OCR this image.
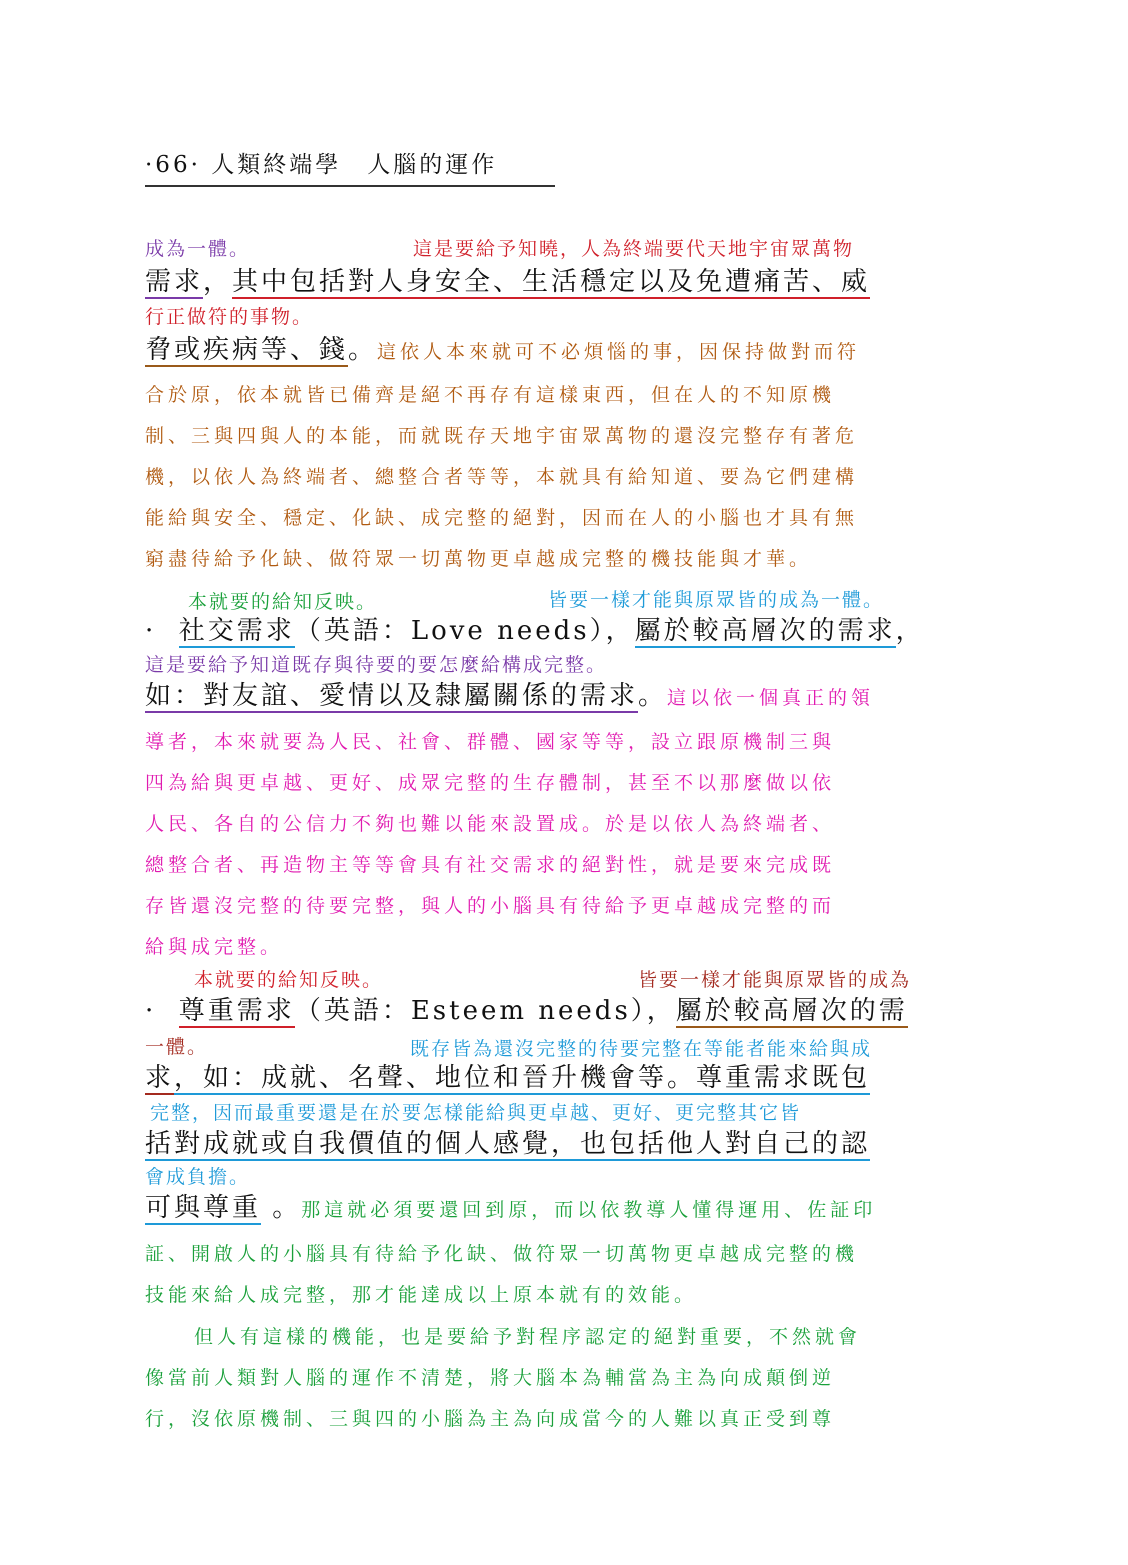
·66· 人類終端學　人腦的運作
成為一體。	這是要給予知曉，人為終端要代天地宇宙眾萬物
需求，其中包括對人身安全、生活穩定以及免遭痛苦、威
行正做符的事物。
脅或疾病等、錢。這依人本來就可不必煩惱的事，因保持做對而符
合於原，依本就皆已備齊是絕不再存有這樣東西，但在人的不知原機
制、三與四與人的本能，而就既存天地宇宙眾萬物的還沒完整存有著危
機，以依人為終端者、總整合者等等，本就具有給知道、要為它們建構
能給與安全、穩定、化缺、成完整的絕對，因而在人的小腦也才具有無
窮盡待給予化缺、做符眾一切萬物更卓越成完整的機技能與才華。
本就要的給知反映。	皆要一樣才能與原眾皆的成為一體。
· 社交需求（英語：Love needs），屬於較高層次的需求，
這是要給予知道既存與待要的要怎麼給構成完整。
如：對友誼、愛情以及隸屬關係的需求。這以依一個真正的領
導者，本來就要為人民、社會、群體、國家等等，設立跟原機制三與
四為給與更卓越、更好、成眾完整的生存體制，甚至不以那麼做以依
人民、各自的公信力不夠也難以能來設置成。於是以依人為終端者、
總整合者、再造物主等等會具有社交需求的絕對性，就是要來完成既
存皆還沒完整的待要完整，與人的小腦具有待給予更卓越成完整的而
給與成完整。
本就要的給知反映。	皆要一樣才能與原眾皆的成為
· 尊重需求（英語：Esteem needs），屬於較高層次的需
一體。	既存皆為還沒完整的待要完整在等能者能來給與成
求，如：成就、名聲、地位和晉升機會等。尊重需求既包
完整，因而最重要還是在於要怎樣能給與更卓越、更好、更完整其它皆
括對成就或自我價值的個人感覺，也包括他人對自己的認
會成負擔。
可與尊重 。那這就必須要還回到原，而以依教導人懂得運用、佐証印
証、開啟人的小腦具有待給予化缺、做符眾一切萬物更卓越成完整的機
技能來給人成完整，那才能達成以上原本就有的效能。
但人有這樣的機能，也是要給予對程序認定的絕對重要，不然就會
像當前人類對人腦的運作不清楚，將大腦本為輔當為主為向成顛倒逆
行，沒依原機制、三與四的小腦為主為向成當今的人難以真正受到尊
